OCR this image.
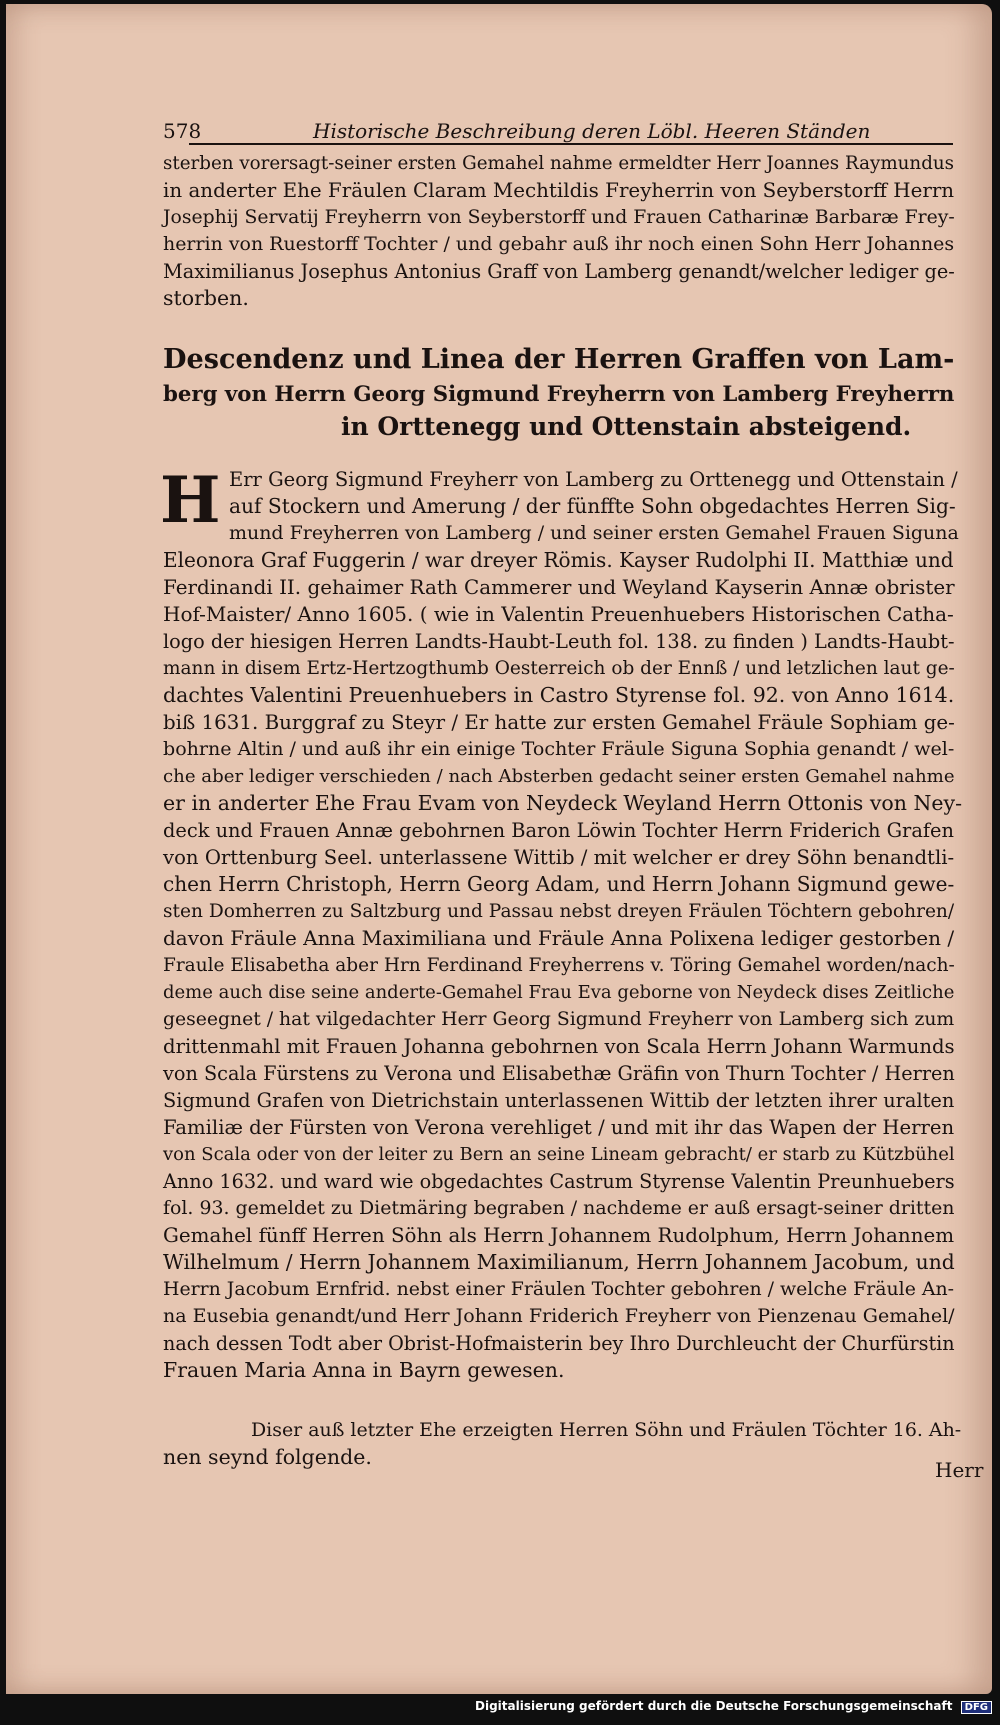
578	Historische Beschreibung deren Löbl. Heeren Ständen

sterben vorersagt-seiner ersten Gemahel nahme ermeldter Herr Joannes Raymundus
in anderter Ehe Fräulen Claram Mechtildis Freyherrin von Seyberstorff Herrn
Josephij Servatij Freyherrn von Seyberstorff und Frauen Catharinæ Barbaræ Frey-
herrin von Ruestorff Tochter / und gebahr auß ihr noch einen Sohn Herr Johannes
Maximilianus Josephus Antonius Graff von Lamberg genandt/welcher lediger ge-
storben.

Descendenz und Linea der Herren Graffen von Lam-
berg von Herrn Georg Sigmund Freyherrn von Lamberg Freyherrn
in Orttenegg und Ottenstain absteigend.

H Err Georg Sigmund Freyherr von Lamberg zu Orttenegg und Ottenstain /
auf Stockern und Amerung / der fünffte Sohn obgedachtes Herren Sig-
mund Freyherren von Lamberg / und seiner ersten Gemahel Frauen Siguna
Eleonora Graf Fuggerin / war dreyer Römis. Kayser Rudolphi II. Matthiæ und
Ferdinandi II. gehaimer Rath Cammerer und Weyland Kayserin Annæ obrister
Hof-Maister/ Anno 1605. ( wie in Valentin Preuenhuebers Historischen Catha-
logo der hiesigen Herren Landts-Haubt-Leuth fol. 138. zu finden ) Landts-Haubt-
mann in disem Ertz-Hertzogthumb Oesterreich ob der Ennß / und letzlichen laut ge-
dachtes Valentini Preuenhuebers in Castro Styrense fol. 92. von Anno 1614.
biß 1631. Burggraf zu Steyr / Er hatte zur ersten Gemahel Fräule Sophiam ge-
bohrne Altin / und auß ihr ein einige Tochter Fräule Siguna Sophia genandt / wel-
che aber lediger verschieden / nach Absterben gedacht seiner ersten Gemahel nahme
er in anderter Ehe Frau Evam von Neydeck Weyland Herrn Ottonis von Ney-
deck und Frauen Annæ gebohrnen Baron Löwin Tochter Herrn Friderich Grafen
von Orttenburg Seel. unterlassene Wittib / mit welcher er drey Söhn benandtli-
chen Herrn Christoph, Herrn Georg Adam, und Herrn Johann Sigmund gewe-
sten Domherren zu Saltzburg und Passau nebst dreyen Fräulen Töchtern gebohren/
davon Fräule Anna Maximiliana und Fräule Anna Polixena lediger gestorben /
Fraule Elisabetha aber Hrn Ferdinand Freyherrens v. Töring Gemahel worden/nach-
deme auch dise seine anderte-Gemahel Frau Eva geborne von Neydeck dises Zeitliche
geseegnet / hat vilgedachter Herr Georg Sigmund Freyherr von Lamberg sich zum
drittenmahl mit Frauen Johanna gebohrnen von Scala Herrn Johann Warmunds
von Scala Fürstens zu Verona und Elisabethæ Gräfin von Thurn Tochter / Herren
Sigmund Grafen von Dietrichstain unterlassenen Wittib der letzten ihrer uralten
Familiæ der Fürsten von Verona verehliget / und mit ihr das Wapen der Herren
von Scala oder von der leiter zu Bern an seine Lineam gebracht/ er starb zu Kützbühel
Anno 1632. und ward wie obgedachtes Castrum Styrense Valentin Preunhuebers
fol. 93. gemeldet zu Dietmäring begraben / nachdeme er auß ersagt-seiner dritten
Gemahel fünff Herren Söhn als Herrn Johannem Rudolphum, Herrn Johannem
Wilhelmum / Herrn Johannem Maximilianum, Herrn Johannem Jacobum, und
Herrn Jacobum Ernfrid. nebst einer Fräulen Tochter gebohren / welche Fräule An-
na Eusebia genandt/und Herr Johann Friderich Freyherr von Pienzenau Gemahel/
nach dessen Todt aber Obrist-Hofmaisterin bey Ihro Durchleucht der Churfürstin
Frauen Maria Anna in Bayrn gewesen.

Diser auß letzter Ehe erzeigten Herren Söhn und Fräulen Töchter 16. Ah-
nen seynd folgende.

Herr
Digitalisierung gefördert durch die Deutsche Forschungsgemeinschaft DFG
